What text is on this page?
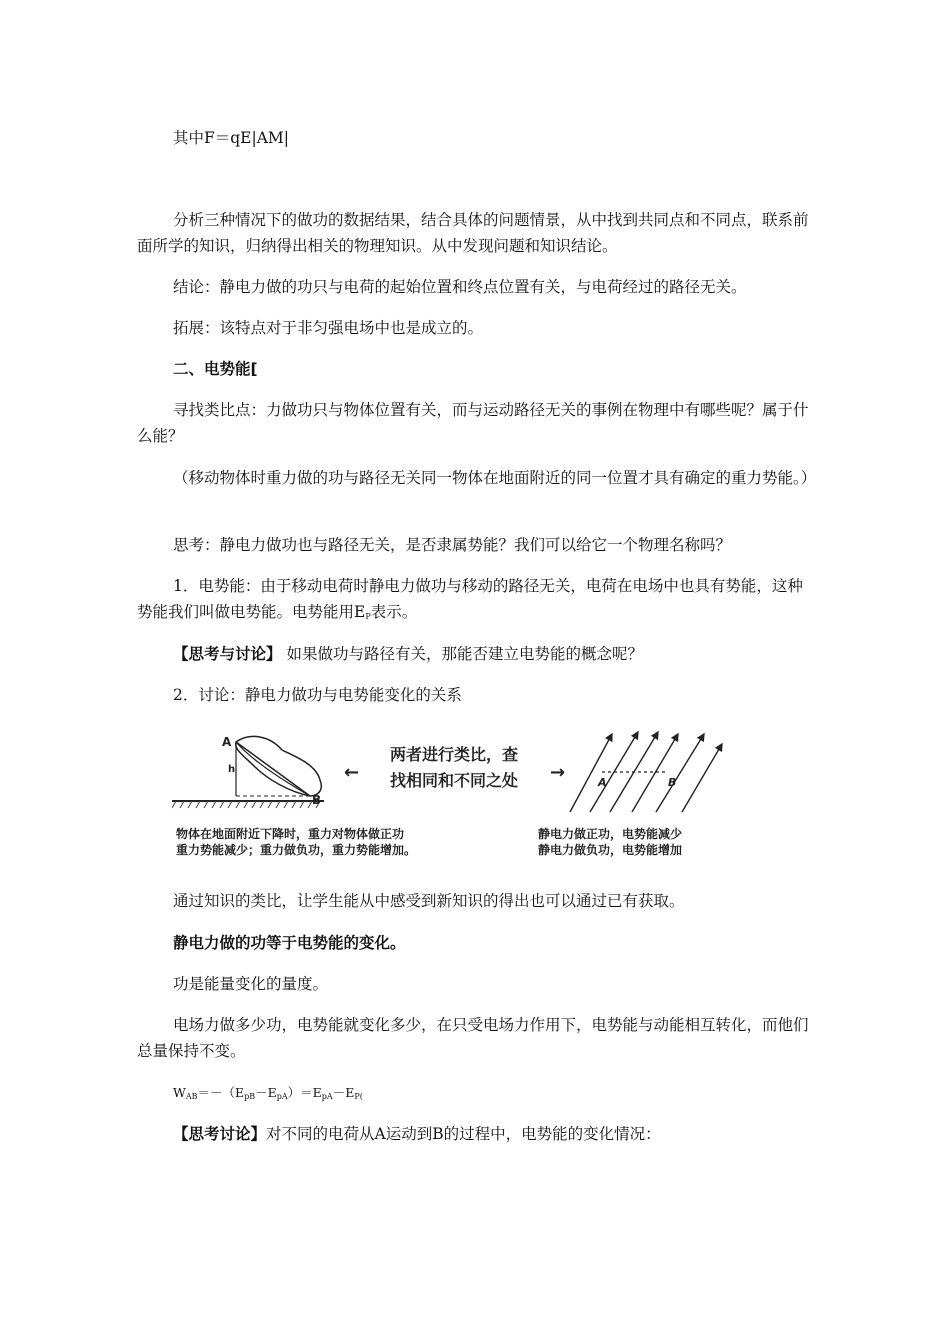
其中F＝qE|AM|
分析三种情况下的做功的数据结果，结合具体的问题情景，从中找到共同点和不同点，联系前面所学的知识，归纳得出相关的物理知识。从中发现问题和知识结论。
结论：静电力做的功只与电荷的起始位置和终点位置有关，与电荷经过的路径无关。
拓展：该特点对于非匀强电场中也是成立的。
二、电势能[
寻找类比点：力做功只与物体位置有关，而与运动路径无关的事例在物理中有哪些呢？属于什么能？
（移动物体时重力做的功与路径无关同一物体在地面附近的同一位置才具有确定的重力势能。）
思考：静电力做功也与路径无关，是否隶属势能？我们可以给它一个物理名称吗？
1．电势能：由于移动电荷时静电力做功与移动的路径无关，电荷在电场中也具有势能，这种势能我们叫做电势能。电势能用$E_P$表示。
【思考与讨论】 如果做功与路径有关，那能否建立电势能的概念呢？
2．讨论：静电力做功与电势能变化的关系
A
h
B
←
两者进行类比，查
找相同和不同之处 →	A	B
物体在地面附近下降时，重力对物体做正功
重力势能减少；重力做负功，重力势能增加。
静电力做正功，电势能减少
静电力做负功，电势能增加
通过知识的类比，让学生能从中感受到新知识的得出也可以通过已有获取。
静电力做的功等于电势能的变化。
功是能量变化的量度。
电场力做多少功，电势能就变化多少，在只受电场力作用下，电势能与动能相互转化，而他们总量保持不变。
$W_{AB}=-(E_{pB}-E_{pA})=E_{pA}-E_{P(}$
【思考讨论】对不同的电荷从A运动到B的过程中，电势能的变化情况：
